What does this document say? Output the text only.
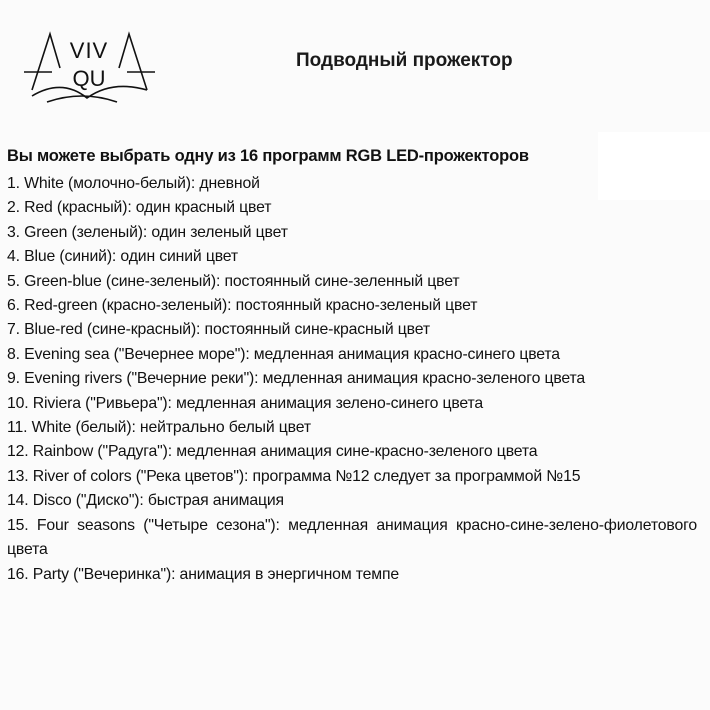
VIV
QU
Подводный прожектор
Вы можете выбрать одну из 16 программ RGB LED-прожекторов
1. White (молочно-белый): дневной
2. Red (красный): один красный цвет
3. Green (зеленый): один зеленый цвет
4. Blue (синий): один синий цвет
5. Green-blue (сине-зеленый): постоянный сине-зеленный цвет
6. Red-green (красно-зеленый): постоянный красно-зеленый цвет
7. Blue-red (сине-красный): постоянный сине-красный цвет
8. Evening sea ("Вечернее море"): медленная анимация красно-синего цвета
9. Evening rivers ("Вечерние реки"): медленная анимация красно-зеленого цвета
10. Riviera ("Ривьера"): медленная анимация зелено-синего цвета
11. White (белый): нейтрально белый цвет
12. Rainbow ("Радуга"): медленная анимация сине-красно-зеленого цвета
13. River of colors ("Река цветов"): программа №12 следует за программой №15
14. Disco ("Диско"): быстрая анимация
15. Four seasons ("Четыре сезона"): медленная анимация красно-сине-зелено-фиолетового цвета
16. Party ("Вечеринка"): анимация в энергичном темпе
